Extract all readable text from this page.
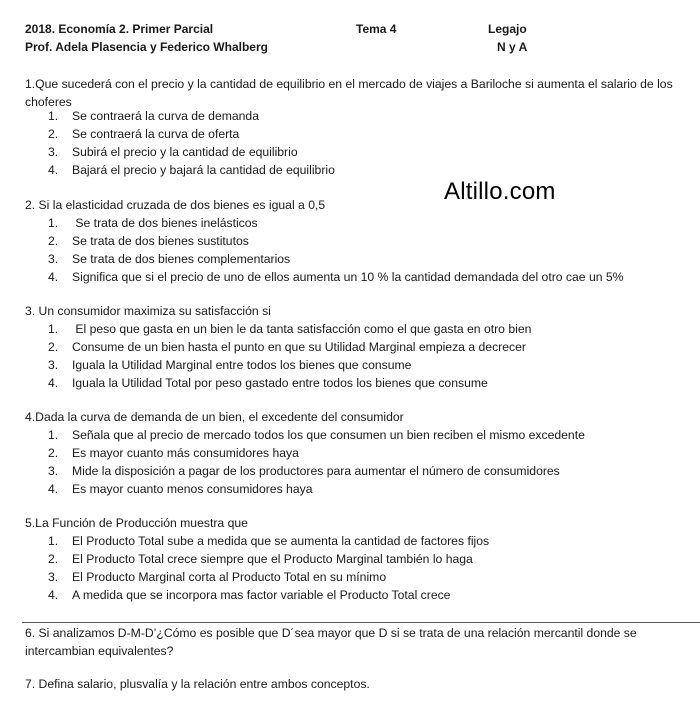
2018. Economía 2. Primer Parcial	Tema 4	Legajo
Prof. Adela Plasencia y Federico Whalberg	N y A
1.Que sucederá con el precio y la cantidad de equilibrio en el mercado de viajes a Bariloche si aumenta el salario de los choferes
1. Se contraerá la curva de demanda
2. Se contraerá la curva de oferta
3. Subirá el precio y la cantidad de equilibrio
4. Bajará el precio y bajará la cantidad de equilibrio
Altillo.com
2. Si la elasticidad cruzada de dos bienes es igual a 0,5
1. Se trata de dos bienes inelásticos
2. Se trata de dos bienes sustitutos
3. Se trata de dos bienes complementarios
4. Significa que si el precio de uno de ellos aumenta un 10 % la cantidad demandada del otro cae un 5%
3. Un consumidor maximiza su satisfacción si
1. El peso que gasta en un bien le da tanta satisfacción como el que gasta en otro bien
2. Consume de un bien hasta el punto en que su Utilidad Marginal empieza a decrecer
3. Iguala la Utilidad Marginal entre todos los bienes que consume
4. Iguala la Utilidad Total por peso gastado entre todos los bienes que consume
4.Dada la curva de demanda de un bien, el excedente del consumidor
1. Señala que al precio de mercado todos los que consumen un bien reciben el mismo excedente
2. Es mayor cuanto más consumidores haya
3. Mide la disposición a pagar de los productores para aumentar el número de consumidores
4. Es mayor cuanto menos consumidores haya
5.La Función de Producción muestra que
1. El Producto Total sube a medida que se aumenta la cantidad de factores fijos
2. El Producto Total crece siempre que el Producto Marginal también lo haga
3. El Producto Marginal corta al Producto Total en su mínimo
4. A medida que se incorpora mas factor variable el Producto Total crece
6. Si analizamos D-M-D’¿Cómo es posible que D´sea mayor que D si se trata de una relación mercantil donde se intercambian equivalentes?
7. Defina salario, plusvalía y la relación entre ambos conceptos.
